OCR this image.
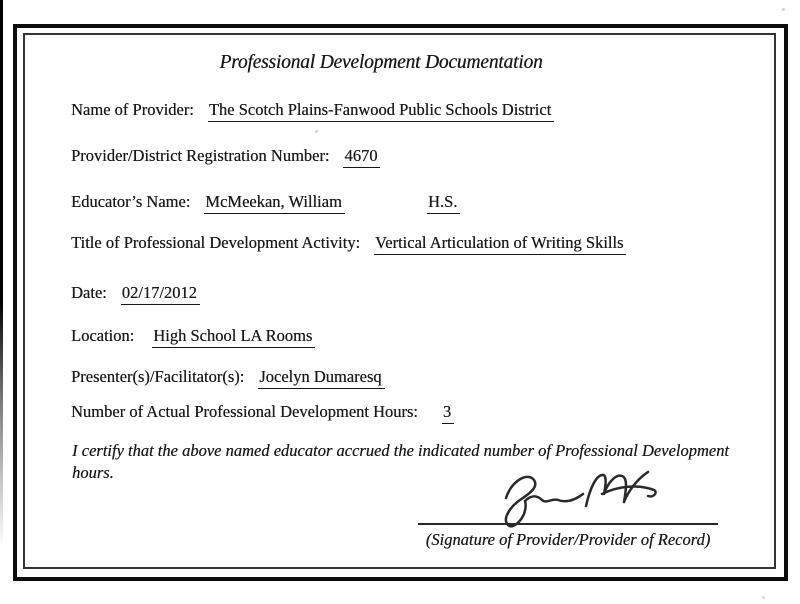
Professional Development Documentation
Name of Provider: The Scotch Plains-Fanwood Public Schools District
Provider/District Registration Number: 4670
Educator’s Name: McMeekan, William	H.S.
Title of Professional Development Activity: Vertical Articulation of Writing Skills
Date: 02/17/2012
Location: High School LA Rooms
Presenter(s)/Facilitator(s): Jocelyn Dumaresq
Number of Actual Professional Development Hours: 3
I certify that the above named educator accrued the indicated number of Professional Development
hours.
(Signature of Provider/Provider of Record)
